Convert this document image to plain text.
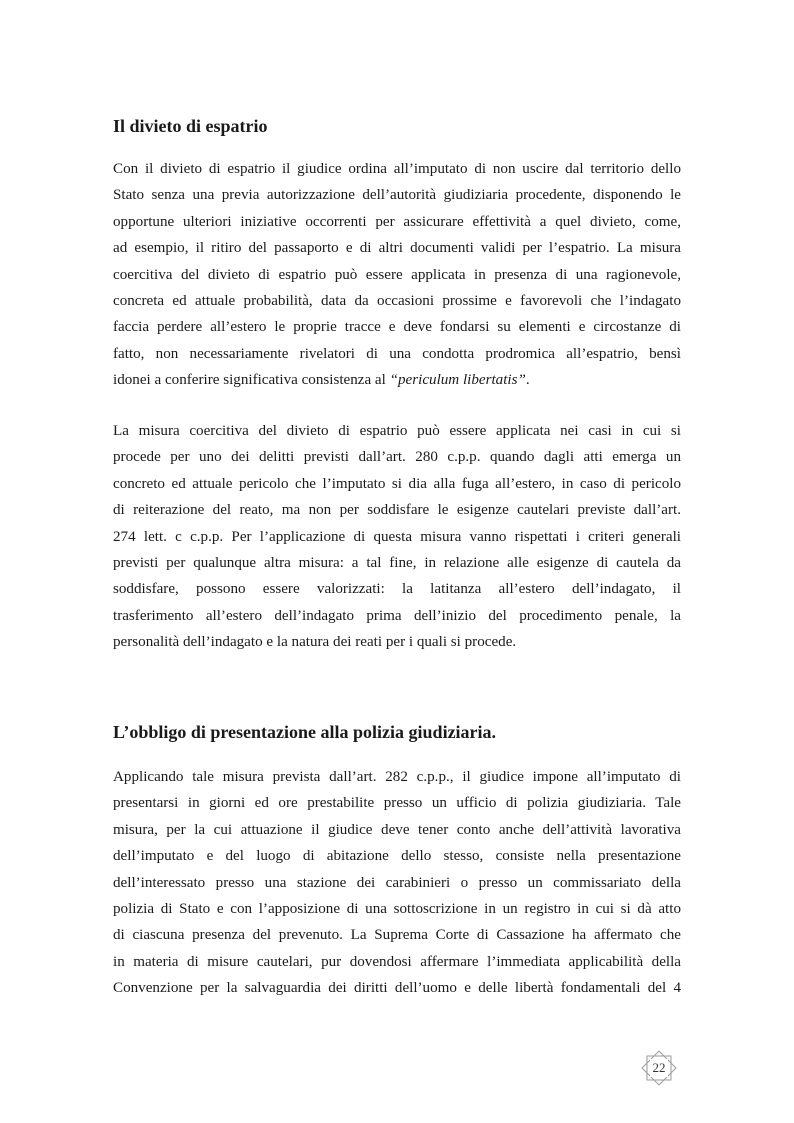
Il divieto di espatrio
Con il divieto di espatrio il giudice ordina all’imputato di non uscire dal territorio dello
Stato senza una previa autorizzazione dell’autorità giudiziaria procedente, disponendo le
opportune ulteriori iniziative occorrenti per assicurare effettività a quel divieto, come,
ad esempio, il ritiro del passaporto e di altri documenti validi per l’espatrio. La misura
coercitiva del divieto di espatrio può essere applicata in presenza di una ragionevole,
concreta ed attuale probabilità, data da occasioni prossime e favorevoli che l’indagato
faccia perdere all’estero le proprie tracce e deve fondarsi su elementi e circostanze di
fatto, non necessariamente rivelatori di una condotta prodromica all’espatrio, bensì
idonei a conferire significativa consistenza al “periculum libertatis”.
La misura coercitiva del divieto di espatrio può essere applicata nei casi in cui si
procede per uno dei delitti previsti dall’art. 280 c.p.p. quando dagli atti emerga un
concreto ed attuale pericolo che l’imputato si dia alla fuga all’estero, in caso di pericolo
di reiterazione del reato, ma non per soddisfare le esigenze cautelari previste dall’art.
274 lett. c c.p.p. Per l’applicazione di questa misura vanno rispettati i criteri generali
previsti per qualunque altra misura: a tal fine, in relazione alle esigenze di cautela da
soddisfare, possono essere valorizzati: la latitanza all’estero dell’indagato, il
trasferimento all’estero dell’indagato prima dell’inizio del procedimento penale, la
personalità dell’indagato e la natura dei reati per i quali si procede.
L’obbligo di presentazione alla polizia giudiziaria.
Applicando tale misura prevista dall’art. 282 c.p.p., il giudice impone all’imputato di
presentarsi in giorni ed ore prestabilite presso un ufficio di polizia giudiziaria. Tale
misura, per la cui attuazione il giudice deve tener conto anche dell’attività lavorativa
dell’imputato e del luogo di abitazione dello stesso, consiste nella presentazione
dell’interessato presso una stazione dei carabinieri o presso un commissariato della
polizia di Stato e con l’apposizione di una sottoscrizione in un registro in cui si dà atto
di ciascuna presenza del prevenuto. La Suprema Corte di Cassazione ha affermato che
in materia di misure cautelari, pur dovendosi affermare l’immediata applicabilità della
Convenzione per la salvaguardia dei diritti dell’uomo e delle libertà fondamentali del 4
22
